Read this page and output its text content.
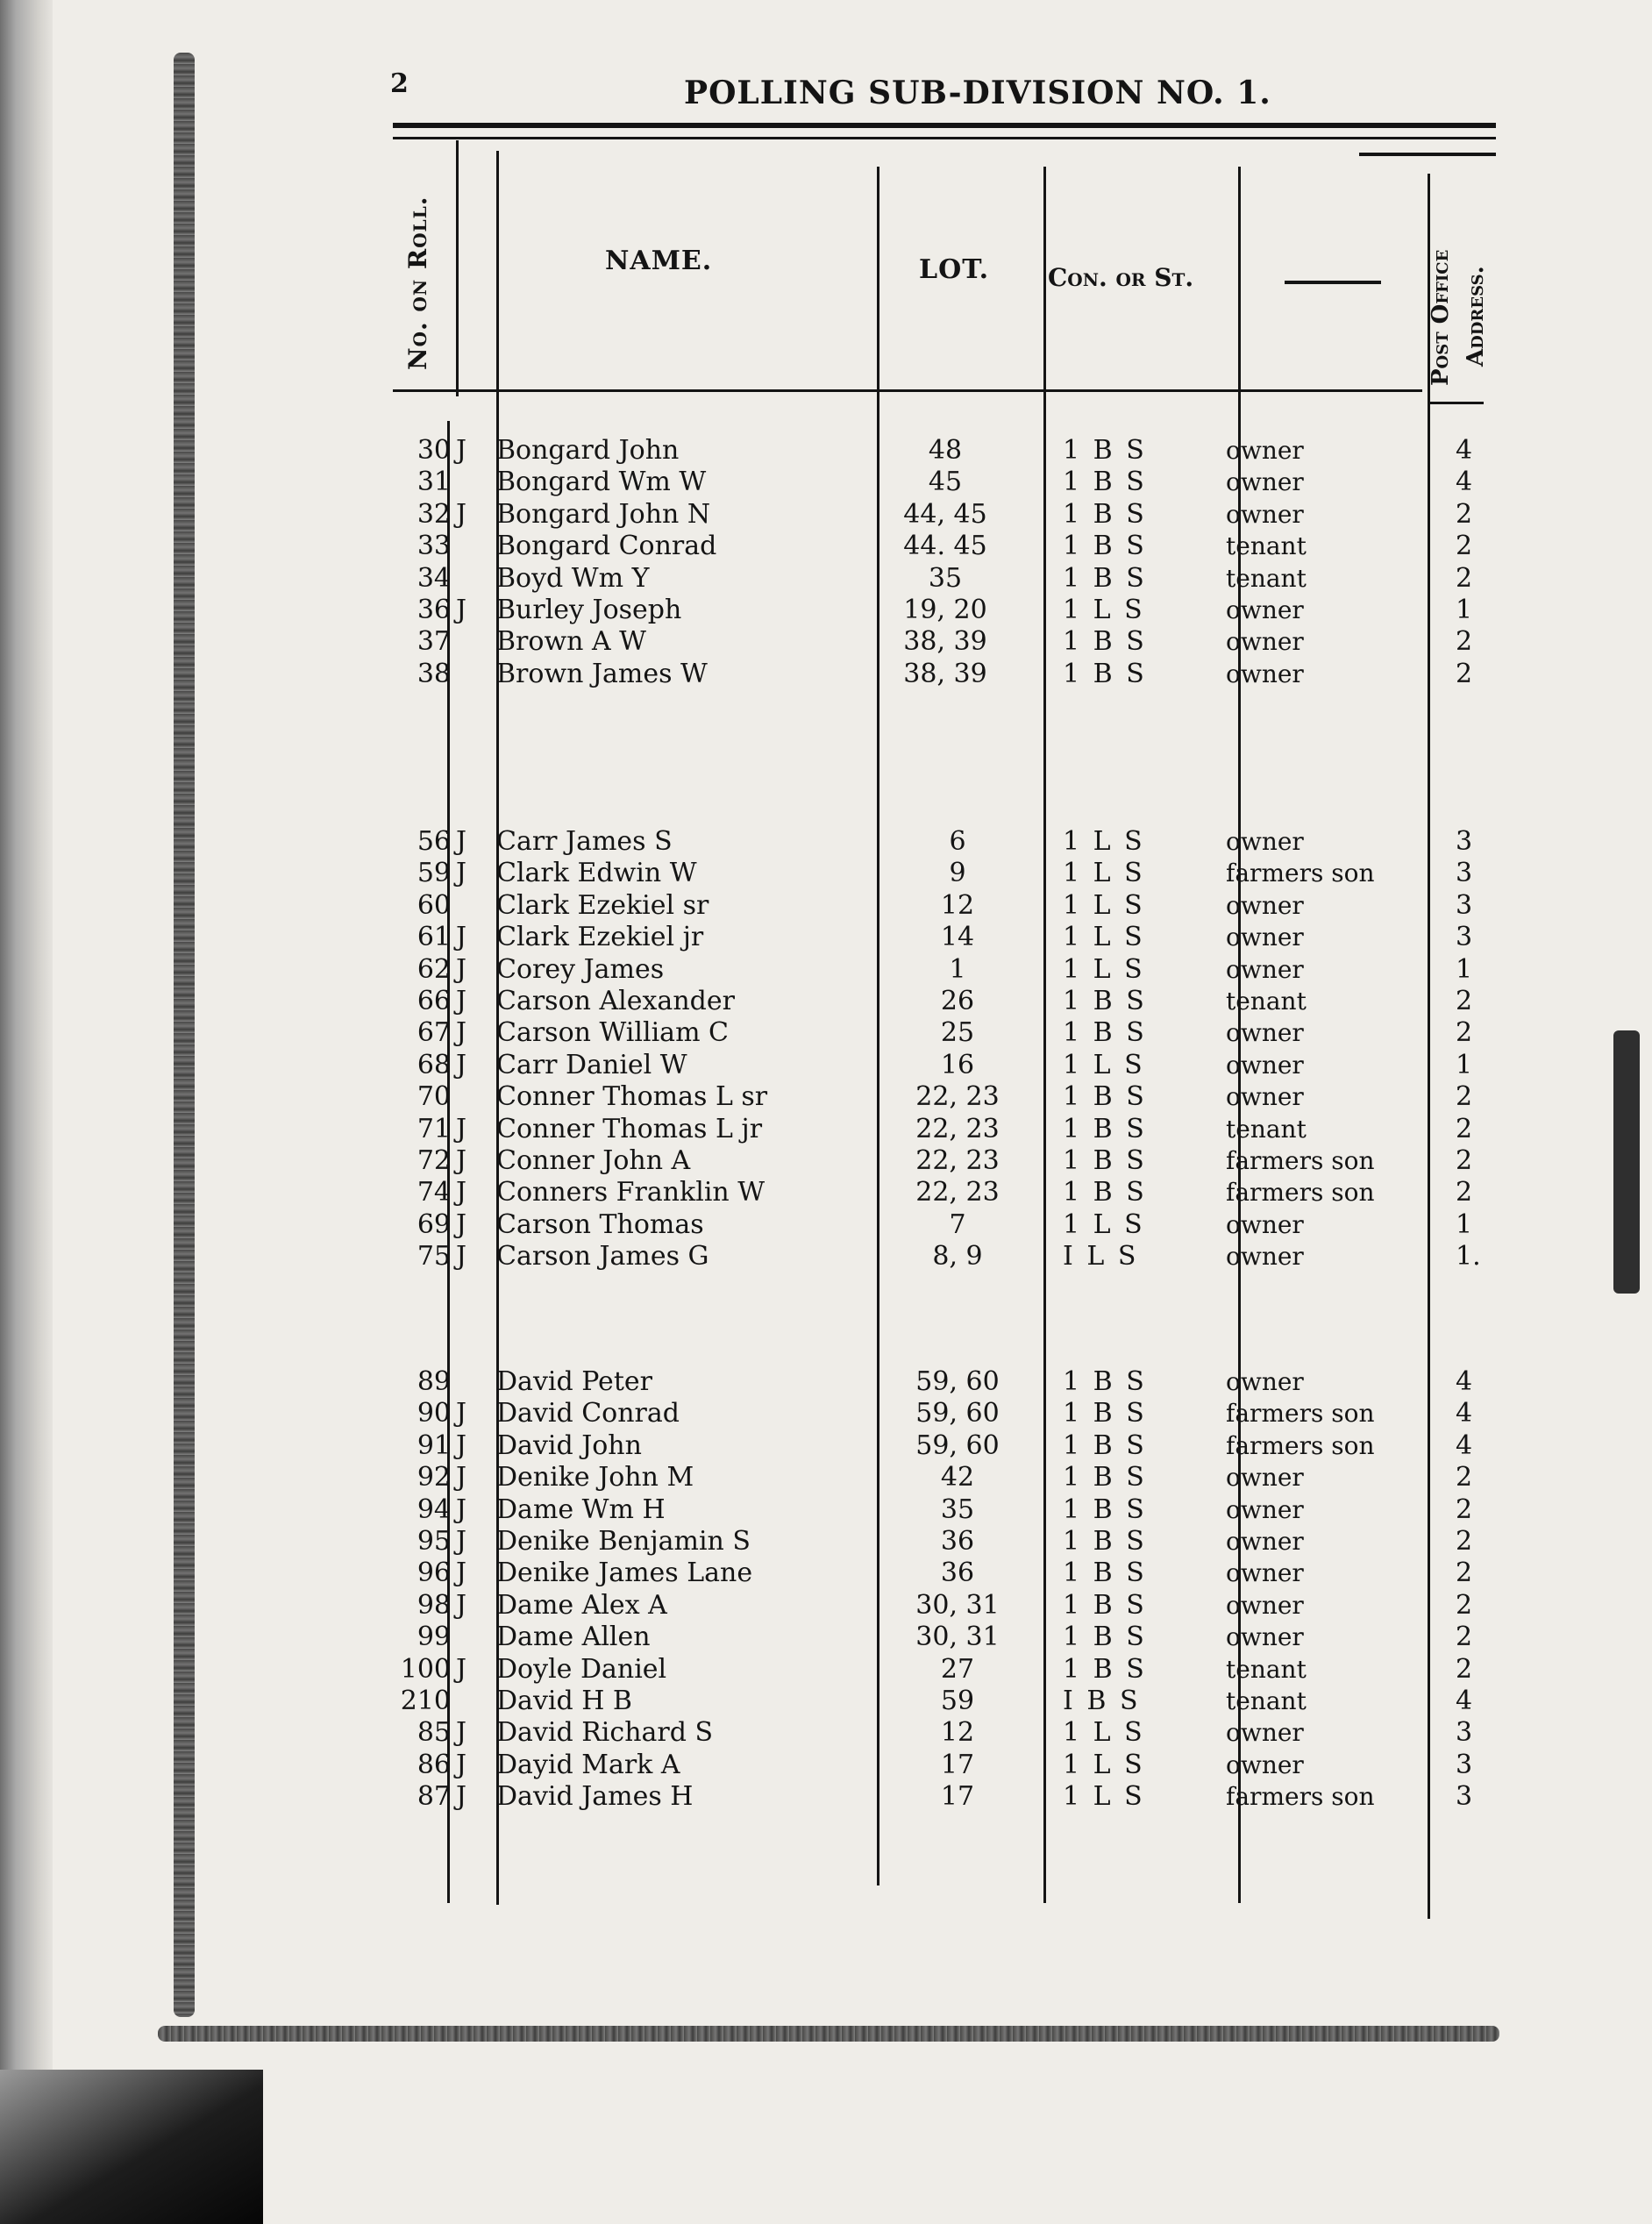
2	POLLING SUB-DIVISION NO. 1.
NAME.	LOT. Con. or St.
No. on Roll.	Post Office Address.
30 J Bongard John	48	1 B S	owner	4
31 Bongard Wm W	45	1 B S	owner	4
32 J Bongard John N	44, 45	1 B S	owner	2
33 Bongard Conrad	44. 45	1 B S	tenant	2
34 Boyd Wm Y	35	1 B S	tenant	2
36 J Burley Joseph	19, 20	1 L S	owner	1
37 Brown A W	38, 39	1 B S	owner	2
38 Brown James W	38, 39	1 B S	owner	2
56 J Carr James S	6	1 L S	owner	3
59 J Clark Edwin W	9	1 L S	farmers son	3
60 Clark Ezekiel sr	12	1 L S	owner	3
61 J Clark Ezekiel jr	14	1 L S	owner	3
62 J Corey James	1	1 L S	owner	1
66 J Carson Alexander	26	1 B S	tenant	2
67 J Carson William C	25	1 B S	owner	2
68 J Carr Daniel W	16	1 L S	owner	1
70 Conner Thomas L sr	22, 23	1 B S	owner	2
71 J Conner Thomas L jr	22, 23	1 B S	tenant	2
72 J Conner John A	22, 23	1 B S	farmers son	2
74 J Conners Franklin W	22, 23	1 B S	farmers son	2
69 J Carson Thomas	7	1 L S	owner	1
75 J Carson James G	8, 9	I L S	owner	1.
89 David Peter	59, 60	1 B S	owner	4
90 J David Conrad	59, 60	1 B S	farmers son	4
91 J David John	59, 60	1 B S	farmers son	4
92 J Denike John M	42	1 B S	owner	2
94 J Dame Wm H	35	1 B S	owner	2
95 J Denike Benjamin S	36	1 B S	owner	2
96 J Denike James Lane	36	1 B S	owner	2
98 J Dame Alex A	30, 31	1 B S	owner	2
99 Dame Allen	30, 31	1 B S	owner	2
100 J Doyle Daniel	27	1 B S	tenant	2
210 David H B	59	I B S	tenant	4
85 J David Richard S	12	1 L S	owner	3
86 J Dayid Mark A	17	1 L S	owner	3
87 J David James H	17	1 L S	farmers son	3
